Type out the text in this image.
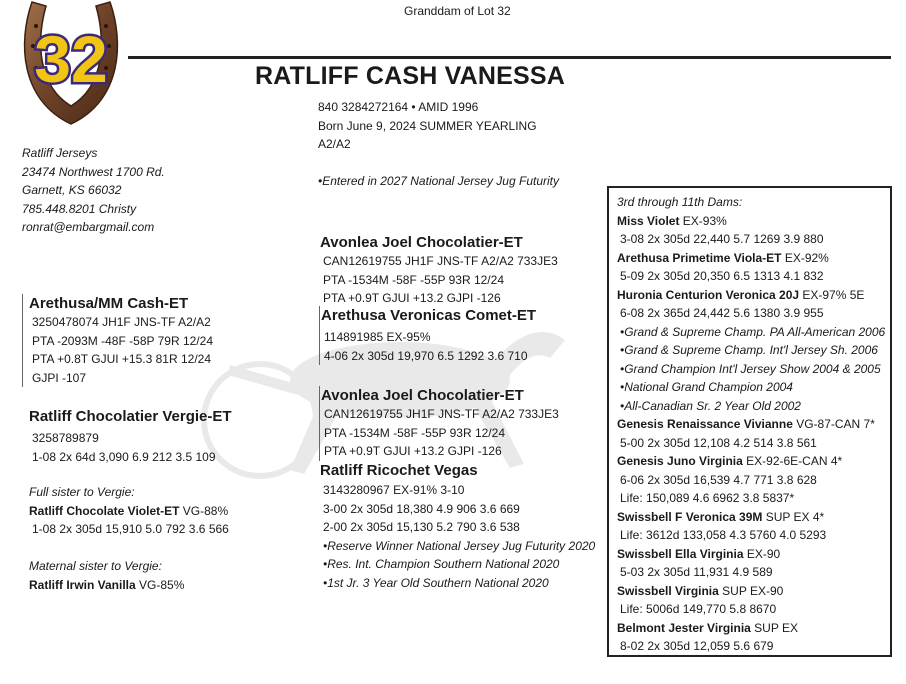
32
Granddam of Lot 32
RATLIFF CASH VANESSA
840 3284272164 • AMID 1996
Born June 9, 2024 SUMMER YEARLING
A2/A2
•Entered in 2027 National Jersey Jug Futurity
Ratliff Jerseys
23474 Northwest 1700 Rd.
Garnett, KS 66032
785.448.8201 Christy
ronrat@embargmail.com
Avonlea Joel Chocolatier-ET
CAN12619755 JH1F JNS-TF A2/A2 733JE3
PTA -1534M -58F -55P 93R 12/24
PTA +0.9T GJUI +13.2 GJPI -126
Arethusa Veronicas Comet-ET
114891985 EX-95%
4-06 2x 305d 19,970 6.5 1292 3.6 710
Arethusa/MM Cash-ET
3250478074 JH1F JNS-TF A2/A2
PTA -2093M -48F -58P 79R 12/24
PTA +0.8T GJUI +15.3 81R 12/24
GJPI -107
Ratliff Chocolatier Vergie-ET
3258789879
1-08 2x 64d 3,090 6.9 212 3.5 109
Avonlea Joel Chocolatier-ET
CAN12619755 JH1F JNS-TF A2/A2 733JE3
PTA -1534M -58F -55P 93R 12/24
PTA +0.9T GJUI +13.2 GJPI -126
Ratliff Ricochet Vegas
3143280967 EX-91% 3-10
3-00 2x 305d 18,380 4.9 906 3.6 669
2-00 2x 305d 15,130 5.2 790 3.6 538
•Reserve Winner National Jersey Jug Futurity 2020
•Res. Int. Champion Southern National 2020
•1st Jr. 3 Year Old Southern National 2020
Full sister to Vergie:
Ratliff Chocolate Violet-ET VG-88%
1-08 2x 305d 15,910 5.0 792 3.6 566
Maternal sister to Vergie:
Ratliff Irwin Vanilla VG-85%
3rd through 11th Dams:
Miss Violet EX-93%
3-08 2x 305d 22,440 5.7 1269 3.9 880
Arethusa Primetime Viola-ET EX-92%
5-09 2x 305d 20,350 6.5 1313 4.1 832
Huronia Centurion Veronica 20J EX-97% 5E
6-08 2x 365d 24,442 5.6 1380 3.9 955
•Grand & Supreme Champ. PA All-American 2006
•Grand & Supreme Champ. Int'l Jersey Sh. 2006
•Grand Champion Int'l Jersey Show 2004 & 2005
•National Grand Champion 2004
•All-Canadian Sr. 2 Year Old 2002
Genesis Renaissance Vivianne VG-87-CAN 7*
5-00 2x 305d 12,108 4.2 514 3.8 561
Genesis Juno Virginia EX-92-6E-CAN 4*
6-06 2x 305d 16,539 4.7 771 3.8 628
Life: 150,089 4.6 6962 3.8 5837*
Swissbell F Veronica 39M SUP EX 4*
Life: 3612d 133,058 4.3 5760 4.0 5293
Swissbell Ella Virginia EX-90
5-03 2x 305d 11,931 4.9 589
Swissbell Virginia SUP EX-90
Life: 5006d 149,770 5.8 8670
Belmont Jester Virginia SUP EX
8-02 2x 305d 12,059 5.6 679
